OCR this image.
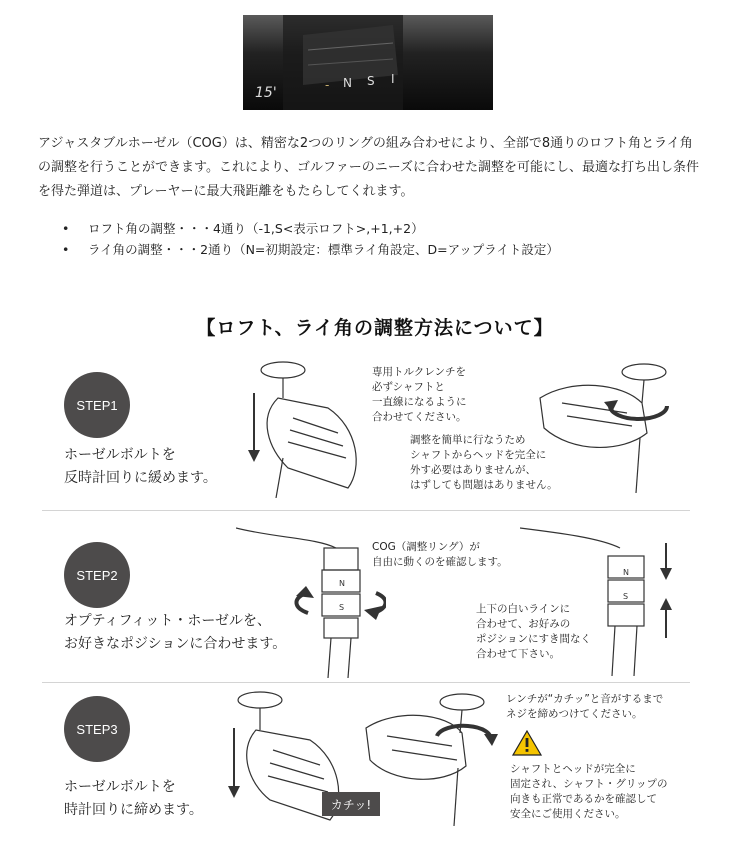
15'	- N S I
アジャスタブルホーゼル（COG）は、精密な2つのリングの組み合わせにより、全部で8通りのロフト角とライ角
の調整を行うことができます。これにより、ゴルファーのニーズに合わせた調整を可能にし、最適な打ち出し条件
を得た弾道は、プレーヤーに最大飛距離をもたらしてくれます。
• ロフト角の調整・・・4通り（-1,S<表示ロフト>,+1,+2）
• ライ角の調整・・・2通り（N=初期設定：標準ライ角設定、D=アップライト設定）
【ロフト、ライ角の調整方法について】
STEP1
ホーゼルボルトを
反時計回りに緩めます。
専用トルクレンチを
必ずシャフトと
一直線になるように
合わせてください。
調整を簡単に行なうため
シャフトからヘッドを完全に
外す必要はありませんが、
はずしても問題はありません。
STEP2
オプティフィット・ホーゼルを、
お好きなポジションに合わせます。
N
S
COG（調整リング）が
自由に動くのを確認します。
上下の白いラインに
合わせて、お好みの
ポジションにすき間なく
合わせて下さい。
N
S
STEP3
ホーゼルボルトを
時計回りに締めます。	カチッ!
レンチが“カチッ”と音がするまで
ネジを締めつけてください。
シャフトとヘッドが完全に
固定され、シャフト・グリップの
向きも正常であるかを確認して
安全にご使用ください。
